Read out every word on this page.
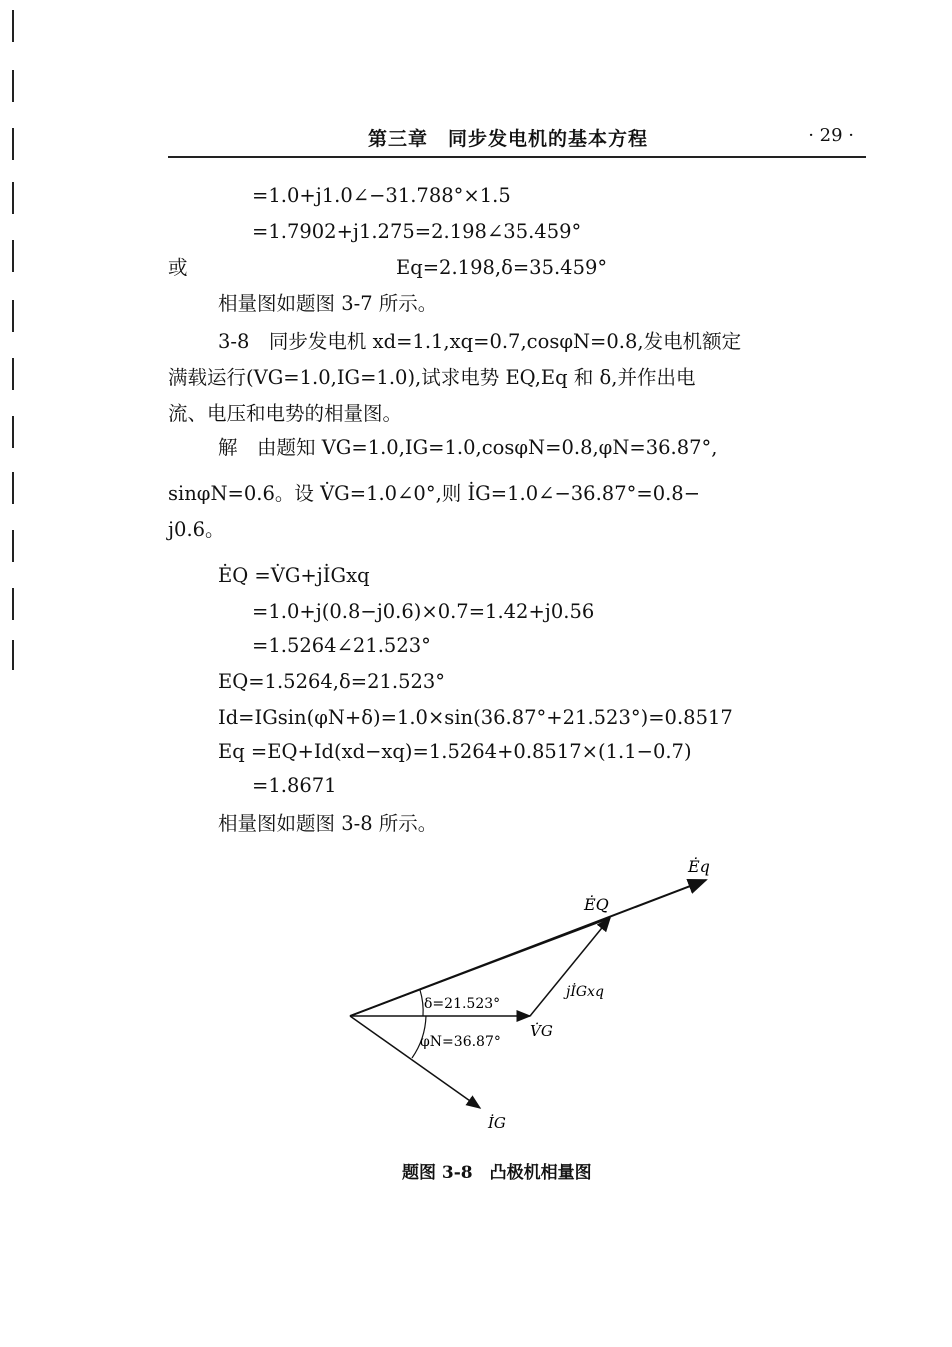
第三章　同步发电机的基本方程	· 29 ·
=1.0+j1.0∠−31.788°×1.5
=1.7902+j1.275=2.198∠35.459°
或	Eq=2.198,δ=35.459°
相量图如题图 3-7 所示。
3-8　同步发电机 xd=1.1,xq=0.7,cosφN=0.8,发电机额定
满载运行(VG=1.0,IG=1.0),试求电势 EQ,Eq 和 δ,并作出电
流、电压和电势的相量图。
解　由题知 VG=1.0,IG=1.0,cosφN=0.8,φN=36.87°,
sinφN=0.6。设 V̇G=1.0∠0°,则 İG=1.0∠−36.87°=0.8−
j0.6。
ĖQ =V̇G+jİGxq
=1.0+j(0.8−j0.6)×0.7=1.42+j0.56
=1.5264∠21.523°
EQ=1.5264,δ=21.523°
Id=IGsin(φN+δ)=1.0×sin(36.87°+21.523°)=0.8517
Eq =EQ+Id(xd−xq)=1.5264+0.8517×(1.1−0.7)
=1.8671
相量图如题图 3-8 所示。
Ėq
ĖQ
δ=21.523°
jİGxq
V̇G
φN=36.87°
İG
题图 3-8　凸极机相量图
